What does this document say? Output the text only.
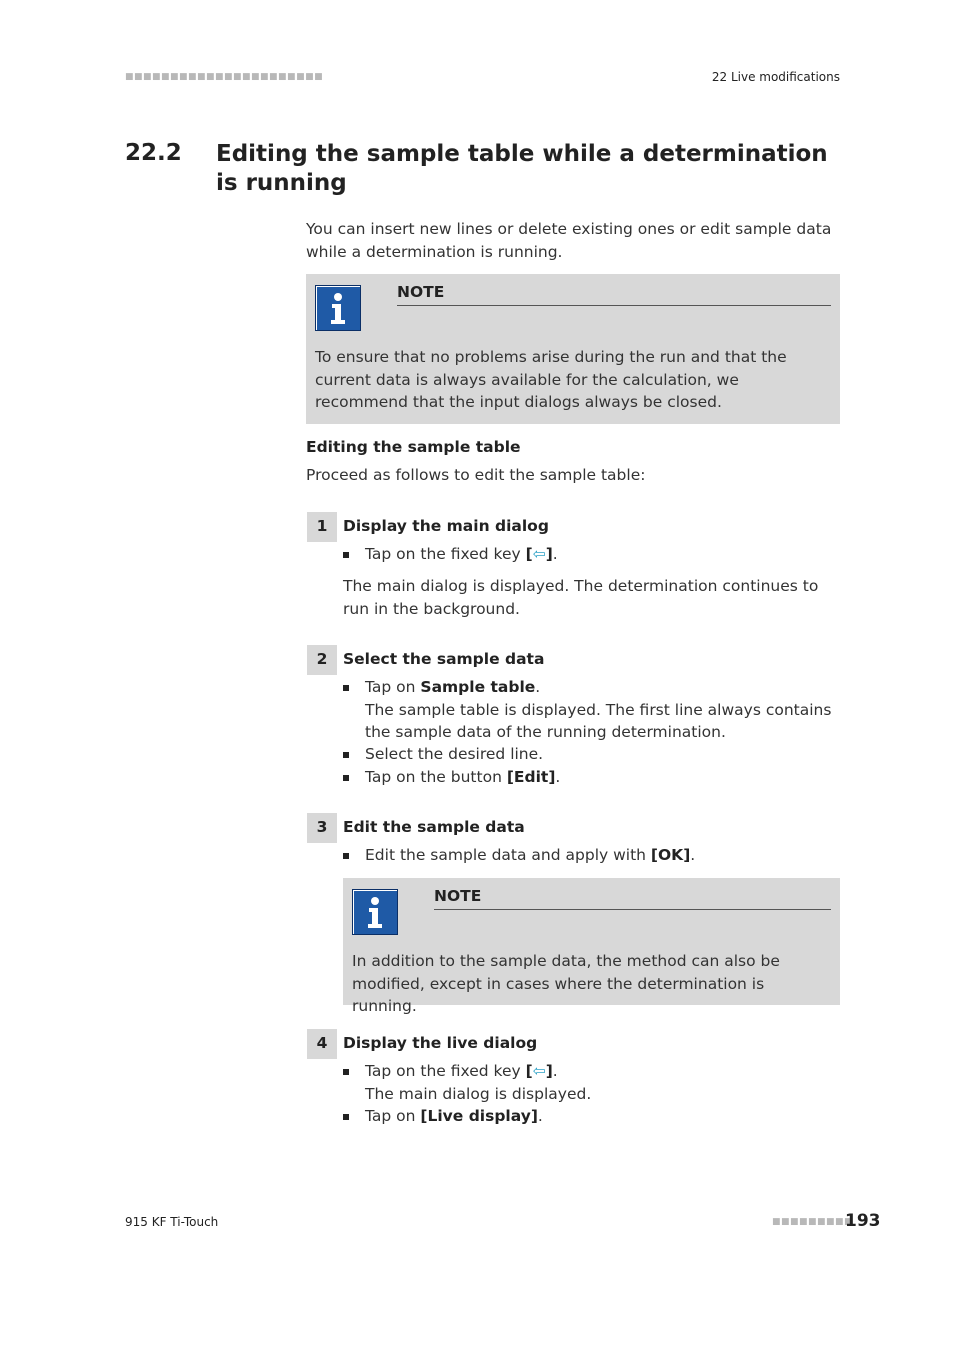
■■■■■■■■■■■■■■■■■■■■■■	22 Live modifications
22.2 Editing the sample table while a determination is running
You can insert new lines or delete existing ones or edit sample data while a determination is running.
NOTE
To ensure that no problems arise during the run and that the current data is always available for the calculation, we recommend that the input dialogs always be closed.
Editing the sample table
Proceed as follows to edit the sample table:
1	Display the main dialog
Tap on the fixed key [⇦].
The main dialog is displayed. The determination continues to run in the background.
2	Select the sample data
Tap on Sample table.
The sample table is displayed. The first line always contains the sample data of the running determination.
Select the desired line.
Tap on the button [Edit].
3	Edit the sample data
Edit the sample data and apply with [OK].
NOTE
In addition to the sample data, the method can also be modified, except in cases where the determination is running.
4	Display the live dialog
Tap on the fixed key [⇦].
The main dialog is displayed.
Tap on [Live display].
915 KF Ti-Touch	■■■■■■■■■
193
